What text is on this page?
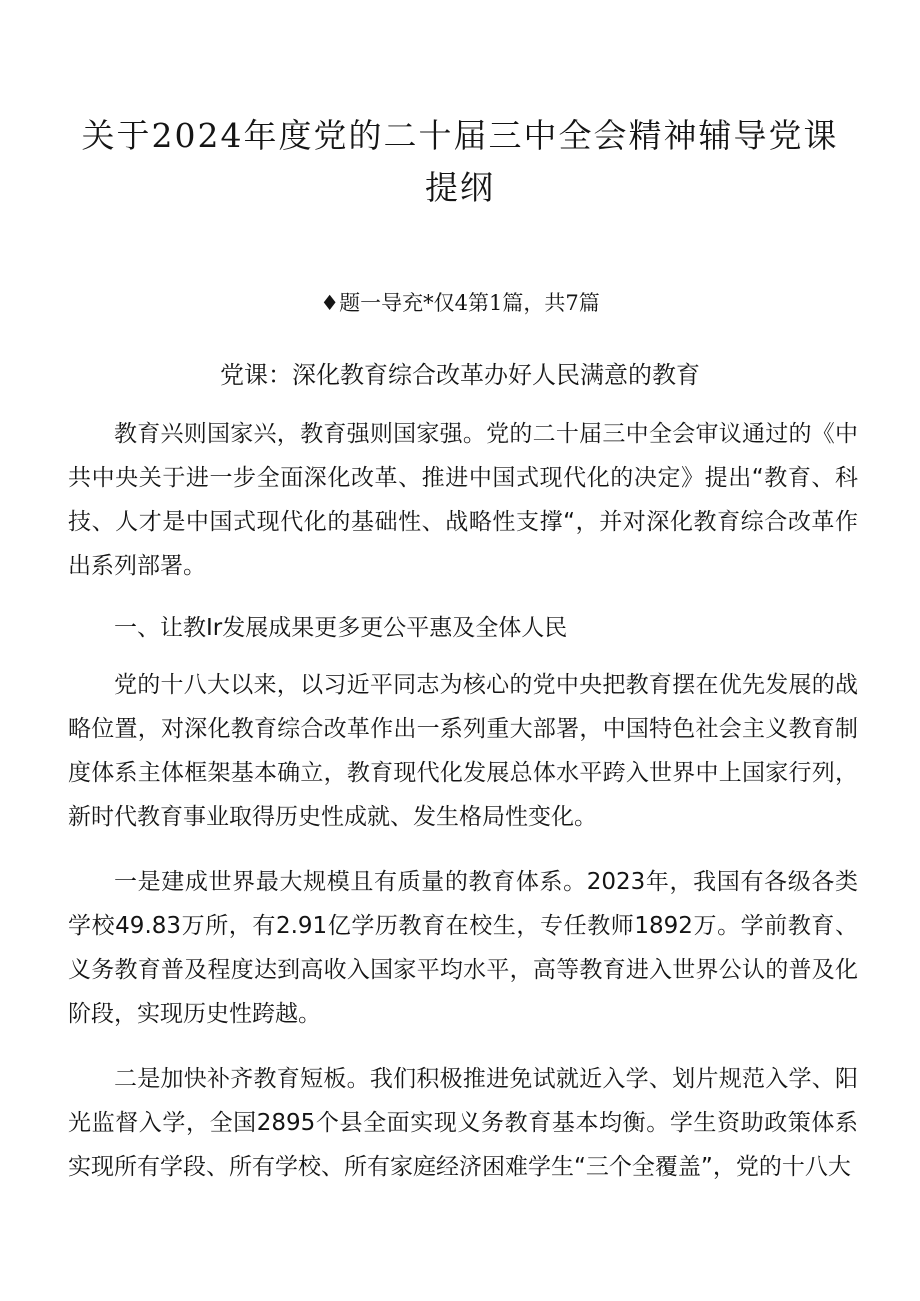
关于2024年度党的二十届三中全会精神辅导党课提纲
♦题一导充*仅4第1篇，共7篇
党课：深化教育综合改革办好人民满意的教育

教育兴则国家兴，教育强则国家强。党的二十届三中全会审议通过的《中共中央关于进一步全面深化改革、推进中国式现代化的决定》提出“教育、科技、人才是中国式现代化的基础性、战略性支撑“，并对深化教育综合改革作出系列部署。

一、让教Ir发展成果更多更公平惠及全体人民

党的十八大以来，以习近平同志为核心的党中央把教育摆在优先发展的战略位置，对深化教育综合改革作出一系列重大部署，中国特色社会主义教育制度体系主体框架基本确立，教育现代化发展总体水平跨入世界中上国家行列，新时代教育事业取得历史性成就、发生格局性变化。

一是建成世界最大规模且有质量的教育体系。2023年，我国有各级各类学校49.83万所，有2.91亿学历教育在校生，专任教师1892万。学前教育、义务教育普及程度达到高收入国家平均水平，高等教育进入世界公认的普及化阶段，实现历史性跨越。

二是加快补齐教育短板。我们积极推进免试就近入学、划片规范入学、阳光监督入学，全国2895个县全面实现义务教育基本均衡。学生资助政策体系实现所有学段、所有学校、所有家庭经济困难学生“三个全覆盖”，党的十八大
